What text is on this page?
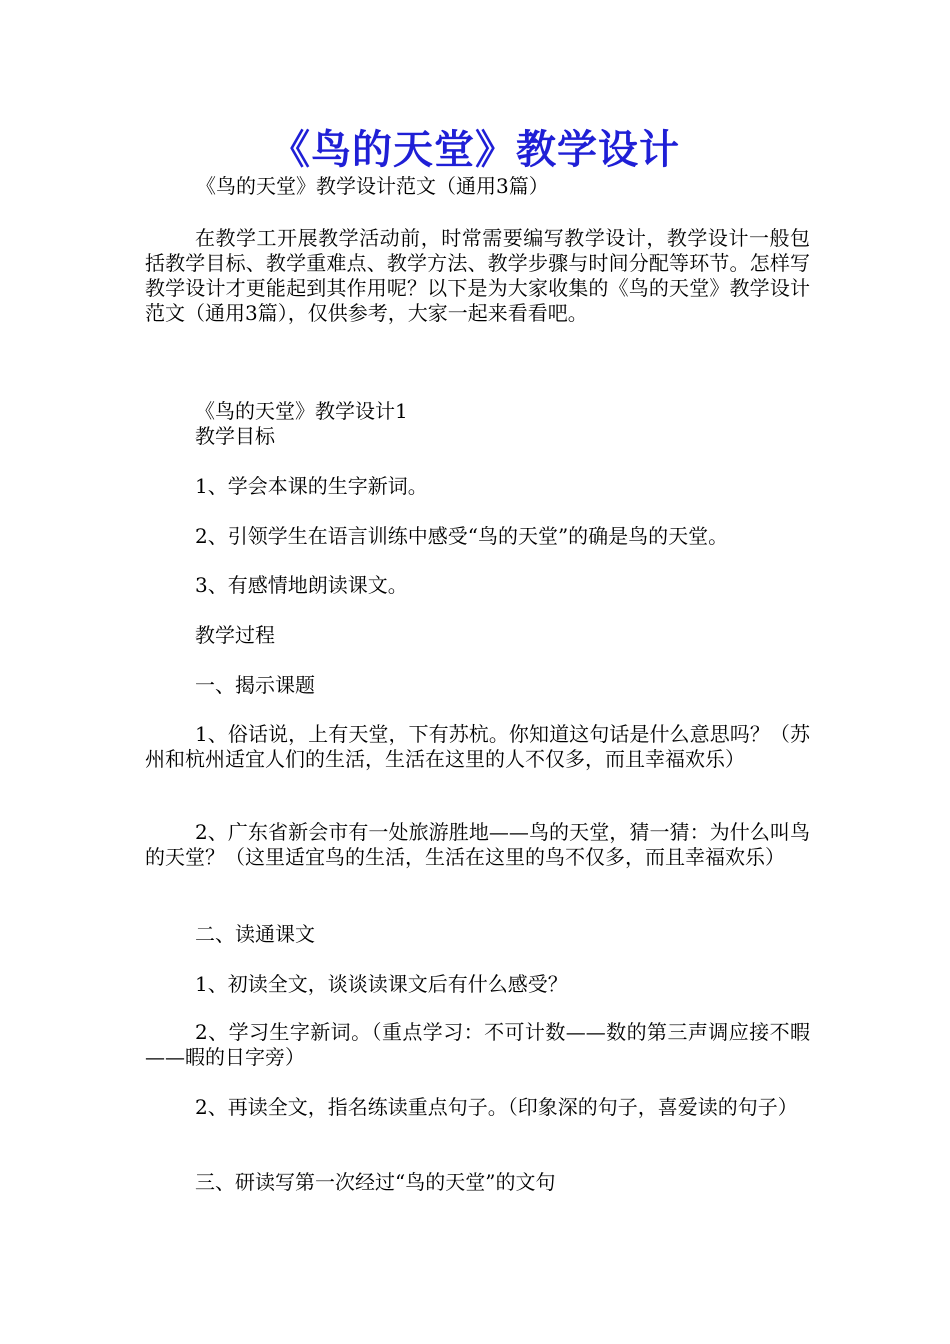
《鸟的天堂》教学设计
《鸟的天堂》教学设计范文（通用3篇）

在教学工开展教学活动前，时常需要编写教学设计，教学设计一般包括教学目标、教学重难点、教学方法、教学步骤与时间分配等环节。怎样写教学设计才更能起到其作用呢？以下是为大家收集的《鸟的天堂》教学设计范文（通用3篇），仅供参考，大家一起来看看吧。

《鸟的天堂》教学设计1
教学目标
1、学会本课的生字新词。
2、引领学生在语言训练中感受“鸟的天堂”的确是鸟的天堂。
3、有感情地朗读课文。
教学过程
一、揭示课题

1、俗话说，上有天堂，下有苏杭。你知道这句话是什么意思吗？（苏州和杭州适宜人们的生活，生活在这里的人不仅多，而且幸福欢乐）

2、广东省新会市有一处旅游胜地——鸟的天堂，猜一猜：为什么叫鸟的天堂？（这里适宜鸟的生活，生活在这里的鸟不仅多，而且幸福欢乐）

二、读通课文
1、初读全文，谈谈读课文后有什么感受？

2、学习生字新词。（重点学习：不可计数——数的第三声调应接不暇——暇的日字旁）

2、再读全文，指名练读重点句子。（印象深的句子，喜爱读的句子）

三、研读写第一次经过“鸟的天堂”的文句
